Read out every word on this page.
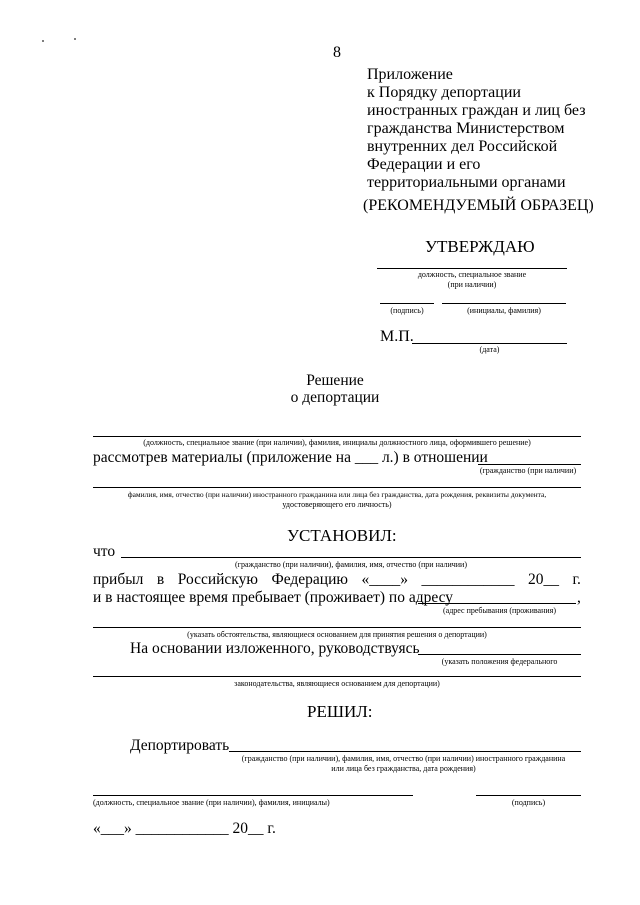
8
Приложение
к Порядку депортации
иностранных граждан и лиц без
гражданства Министерством
внутренних дел Российской
Федерации и его
территориальными органами
(РЕКОМЕНДУЕМЫЙ ОБРАЗЕЦ)
УТВЕРЖДАЮ
должность, специальное звание
(при наличии)
(подпись)	(инициалы, фамилия)
М.П.
(дата)
Решение
о депортации
(должность, специальное звание (при наличии), фамилия, инициалы должностного лица, оформившего решение)
рассмотрев материалы (приложение на ___ л.) в отношении
(гражданство (при наличии)
фамилия, имя, отчество (при наличии) иностранного гражданина или лица без гражданства, дата рождения, реквизиты документа,
удостоверяющего его личность)
УСТАНОВИЛ:
что
(гражданство (при наличии), фамилия, имя, отчество (при наличии)
прибыл в Российскую Федерацию «____» ____________ 20__ г.
и в настоящее время пребывает (проживает) по адресу	,
(адрес пребывания (проживания)
(указать обстоятельства, являющиеся основанием для принятия решения о депортации)
На основании изложенного, руководствуясь
(указать положения федерального
законодательства, являющиеся основанием для депортации)
РЕШИЛ:
Депортировать
(гражданство (при наличии), фамилия, имя, отчество (при наличии) иностранного гражданина
или лица без гражданства, дата рождения)
(должность, специальное звание (при наличии), фамилия, инициалы)	(подпись)
«___» ____________ 20__ г.
